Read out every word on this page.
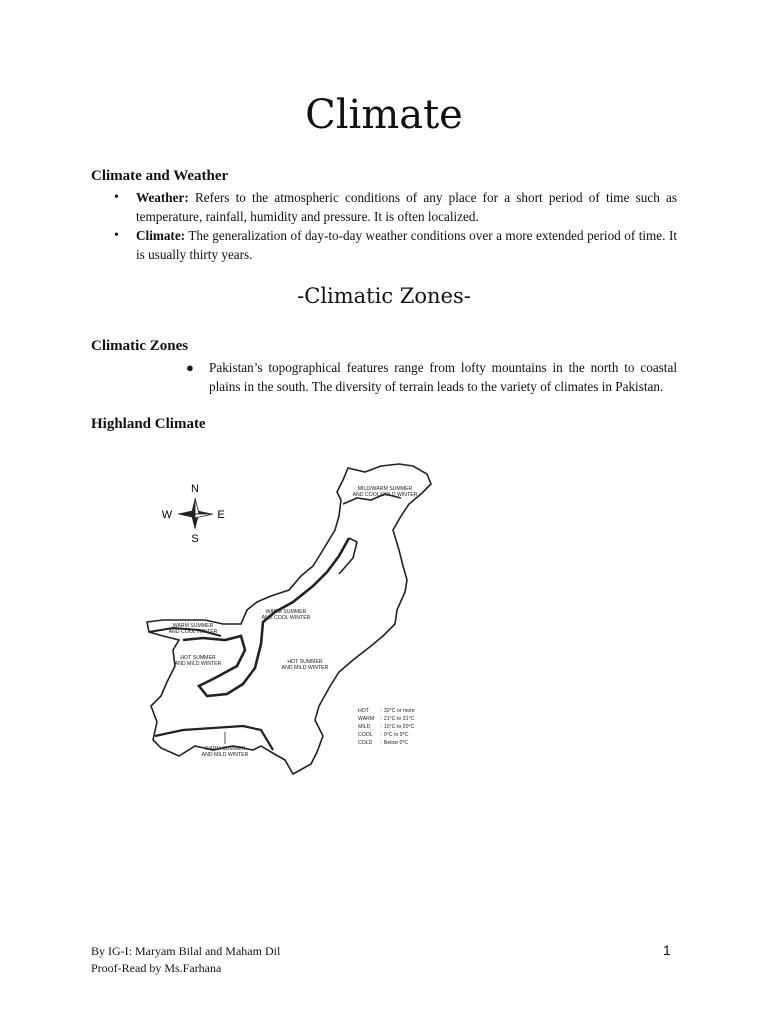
Climate
Climate and Weather
• Weather: Refers to the atmospheric conditions of any place for a short period of time such as temperature, rainfall, humidity and pressure. It is often localized.
• Climate: The generalization of day-to-day weather conditions over a more extended period of time. It is usually thirty years.
-Climatic Zones-
Climatic Zones
● Pakistan’s topographical features range from lofty mountains in the north to coastal plains in the south. The diversity of terrain leads to the variety of climates in Pakistan.
Highland Climate
N
S
E
W
MILD/WARM SUMMER
AND COOL/COLD WINTER
WARM SUMMER
AND COOL WINTER
WARM SUMMER
AND COOL WINTER
HOT SUMMER
AND MILD WINTER	HOT SUMMER
AND MILD WINTER
WARM SUMMER
AND MILD WINTER
HOT : 32°C or more
WARM : 21°C to 31°C
MILD : 10°C to 20°C
COOL : 0°C to 9°C
COLD : Below 0°C
By IG-I: Maryam Bilal and Maham Dil
Proof-Read by Ms.Farhana
1
